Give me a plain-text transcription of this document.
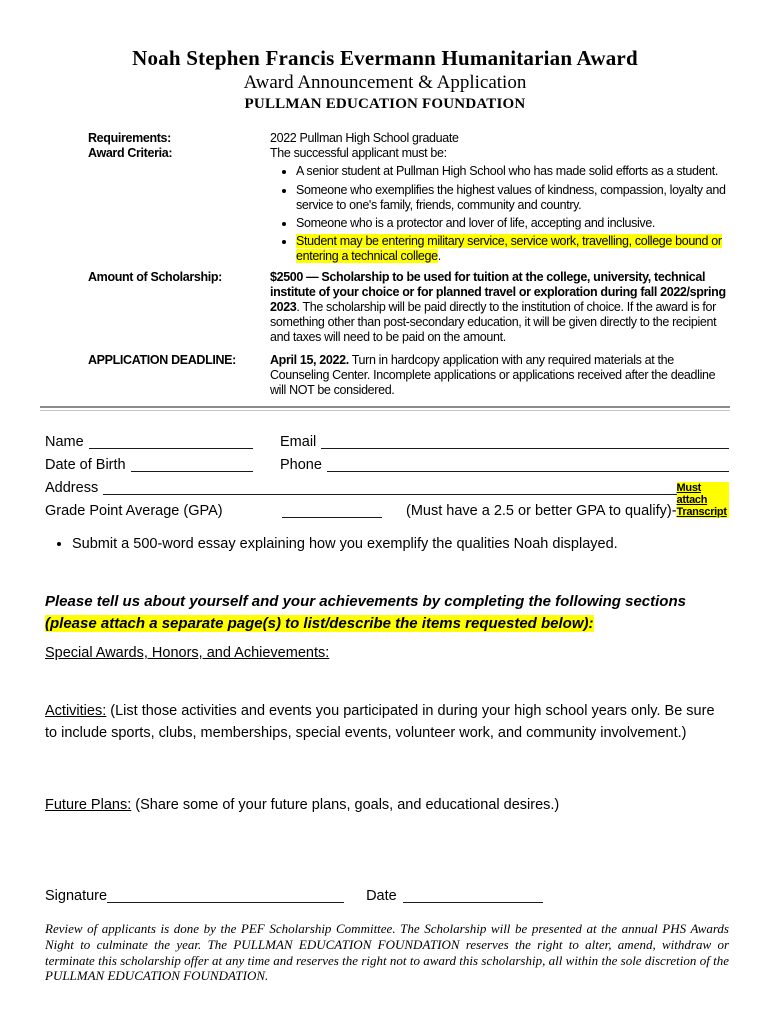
Noah Stephen Francis Evermann Humanitarian Award
Award Announcement & Application
PULLMAN EDUCATION FOUNDATION
Requirements:	2022 Pullman High School graduate
Award Criteria:	The successful applicant must be:
• A senior student at Pullman High School who has made solid efforts as a student.
• Someone who exemplifies the highest values of kindness, compassion, loyalty and service to one's family, friends, community and country.
• Someone who is a protector and lover of life, accepting and inclusive.
• Student may be entering military service, service work, travelling, college bound or entering a technical college.
Amount of Scholarship:	$2500 — Scholarship to be used for tuition at the college, university, technical institute of your choice or for planned travel or exploration during fall 2022/spring 2023. The scholarship will be paid directly to the institution of choice. If the award is for something other than post-secondary education, it will be given directly to the recipient and taxes will need to be paid on the amount.
APPLICATION DEADLINE:	April 15, 2022. Turn in hardcopy application with any required materials at the Counseling Center. Incomplete applications or applications received after the deadline will NOT be considered.
Name	Email
Date of Birth	Phone
Address
Grade Point Average (GPA)	(Must have a 2.5 or better GPA to qualify)-
Must attach Transcript
• Submit a 500-word essay explaining how you exemplify the qualities Noah displayed.
Please tell us about yourself and your achievements by completing the following sections (please attach a separate page(s) to list/describe the items requested below):
Special Awards, Honors, and Achievements:
Activities: (List those activities and events you participated in during your high school years only. Be sure to include sports, clubs, memberships, special events, volunteer work, and community involvement.)
Future Plans: (Share some of your future plans, goals, and educational desires.)
Signature	Date
Review of applicants is done by the PEF Scholarship Committee. The Scholarship will be presented at the annual PHS Awards Night to culminate the year. The PULLMAN EDUCATION FOUNDATION reserves the right to alter, amend, withdraw or terminate this scholarship offer at any time and reserves the right not to award this scholarship, all within the sole discretion of the PULLMAN EDUCATION FOUNDATION.
